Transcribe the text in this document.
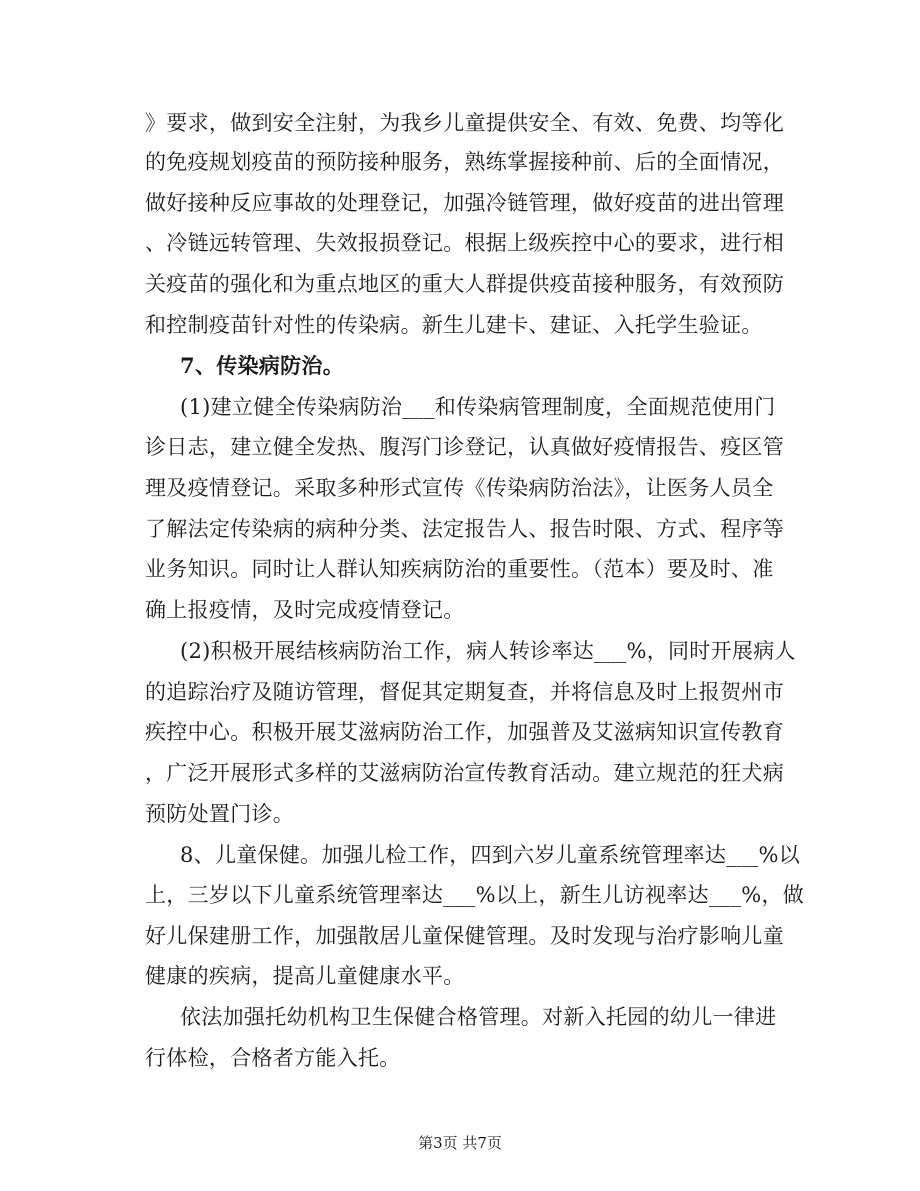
》要求，做到安全注射，为我乡儿童提供安全、有效、免费、均等化
的免疫规划疫苗的预防接种服务，熟练掌握接种前、后的全面情况，
做好接种反应事故的处理登记，加强冷链管理，做好疫苗的进出管理
、冷链远转管理、失效报损登记。根据上级疾控中心的要求，进行相
关疫苗的强化和为重点地区的重大人群提供疫苗接种服务，有效预防
和控制疫苗针对性的传染病。新生儿建卡、建证、入托学生验证。
7、传染病防治。
(1)建立健全传染病防治___和传染病管理制度，全面规范使用门
诊日志，建立健全发热、腹泻门诊登记，认真做好疫情报告、疫区管
理及疫情登记。采取多种形式宣传《传染病防治法》，让医务人员全
了解法定传染病的病种分类、法定报告人、报告时限、方式、程序等
业务知识。同时让人群认知疾病防治的重要性。（范本）要及时、准
确上报疫情，及时完成疫情登记。
(2)积极开展结核病防治工作，病人转诊率达___%，同时开展病人
的追踪治疗及随访管理，督促其定期复查，并将信息及时上报贺州市
疾控中心。积极开展艾滋病防治工作，加强普及艾滋病知识宣传教育
，广泛开展形式多样的艾滋病防治宣传教育活动。建立规范的狂犬病
预防处置门诊。
8、儿童保健。加强儿检工作，四到六岁儿童系统管理率达___%以
上，三岁以下儿童系统管理率达___%以上，新生儿访视率达___%，做
好儿保建册工作，加强散居儿童保健管理。及时发现与治疗影响儿童
健康的疾病，提高儿童健康水平。
依法加强托幼机构卫生保健合格管理。对新入托园的幼儿一律进
行体检，合格者方能入托。
第3页 共7页
